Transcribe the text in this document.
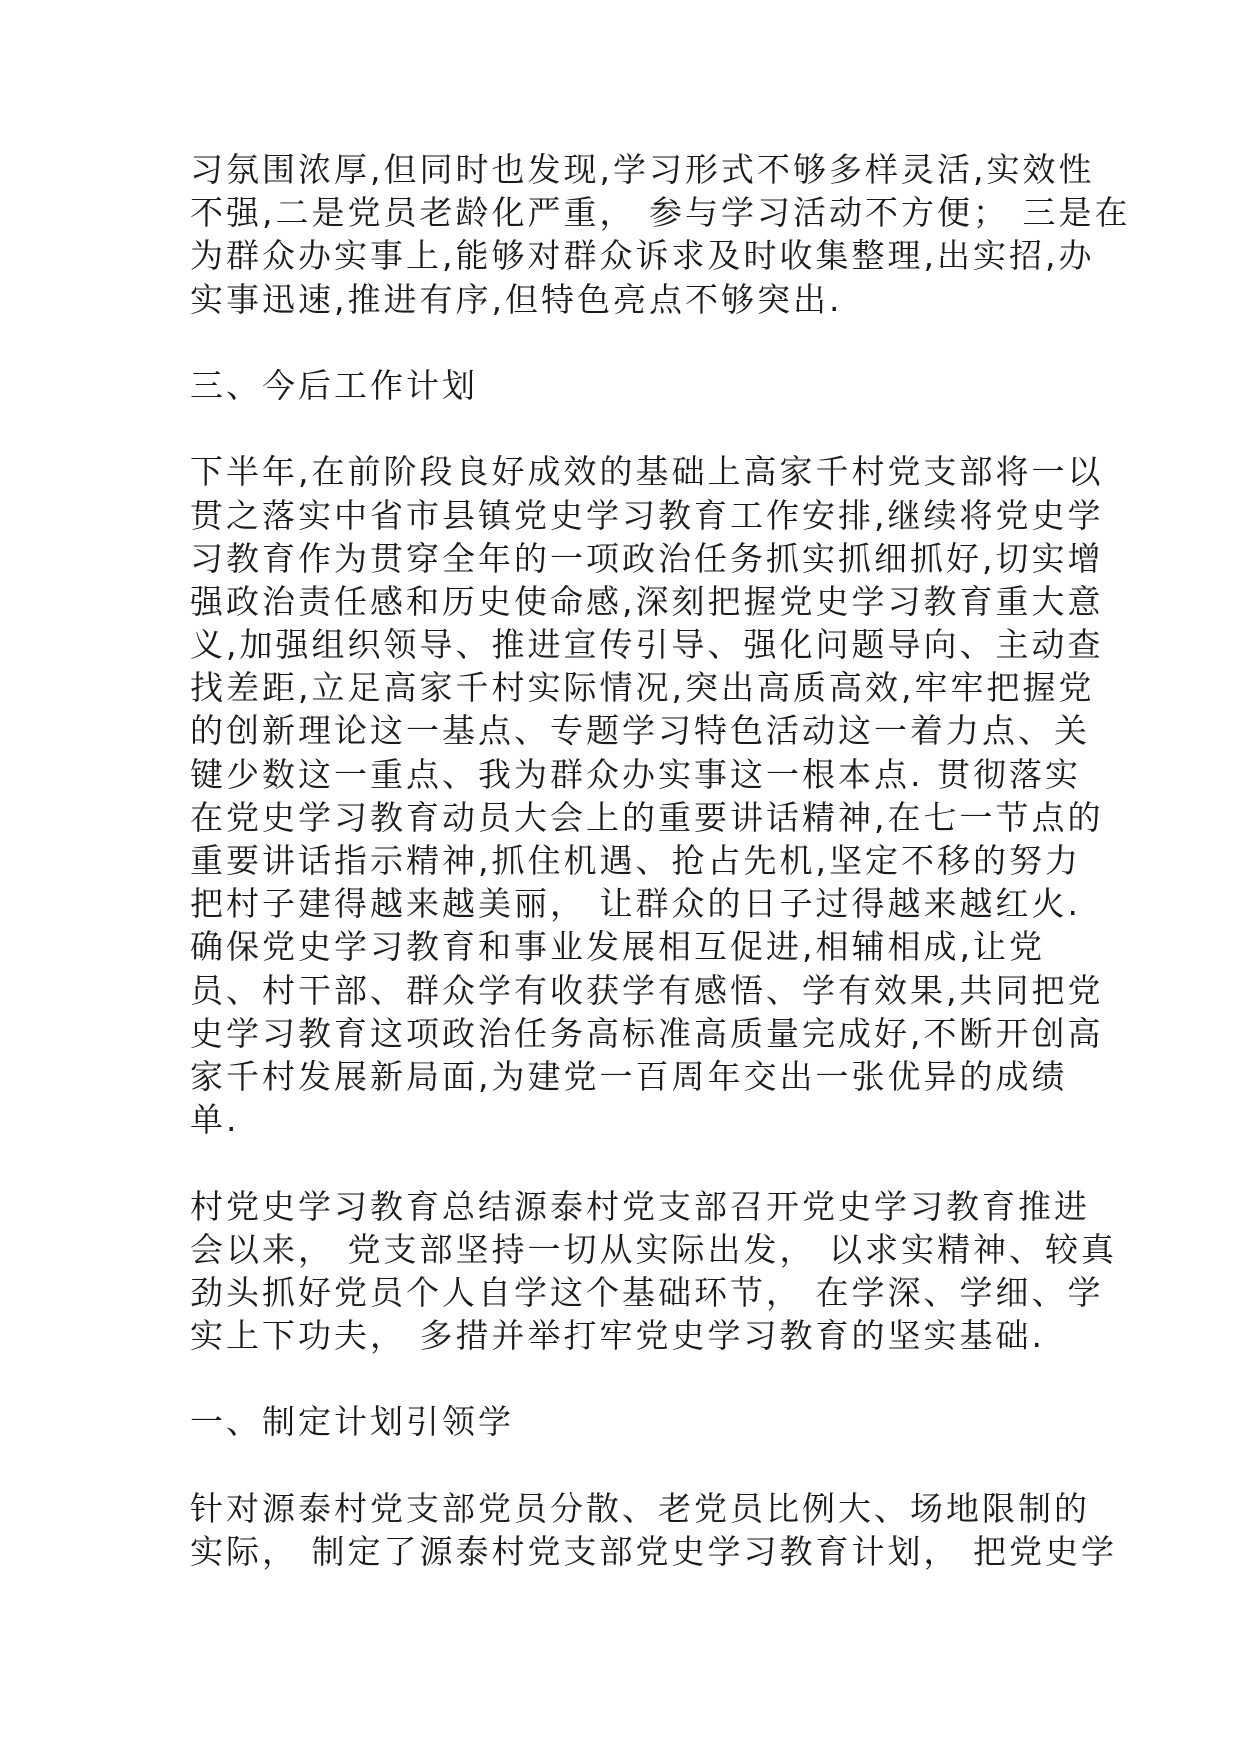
习氛围浓厚,但同时也发现,学习形式不够多样灵活,实效性
不强,二是党员老龄化严重， 参与学习活动不方便； 三是在
为群众办实事上,能够对群众诉求及时收集整理,出实招,办
实事迅速,推进有序,但特色亮点不够突出.
三、今后工作计划
下半年,在前阶段良好成效的基础上高家千村党支部将一以
贯之落实中省市县镇党史学习教育工作安排,继续将党史学
习教育作为贯穿全年的一项政治任务抓实抓细抓好,切实增
强政治责任感和历史使命感,深刻把握党史学习教育重大意
义,加强组织领导、推进宣传引导、强化问题导向、主动查
找差距,立足高家千村实际情况,突出高质高效,牢牢把握党
的创新理论这一基点、专题学习特色活动这一着力点、关
键少数这一重点、我为群众办实事这一根本点. 贯彻落实
在党史学习教育动员大会上的重要讲话精神,在七一节点的
重要讲话指示精神,抓住机遇、抢占先机,坚定不移的努力
把村子建得越来越美丽， 让群众的日子过得越来越红火.
确保党史学习教育和事业发展相互促进,相辅相成,让党
员、村干部、群众学有收获学有感悟、学有效果,共同把党
史学习教育这项政治任务高标准高质量完成好,不断开创高
家千村发展新局面,为建党一百周年交出一张优异的成绩
单.
村党史学习教育总结源泰村党支部召开党史学习教育推进
会以来， 党支部坚持一切从实际出发， 以求实精神、较真
劲头抓好党员个人自学这个基础环节， 在学深、学细、学
实上下功夫， 多措并举打牢党史学习教育的坚实基础.
一、制定计划引领学
针对源泰村党支部党员分散、老党员比例大、场地限制的
实际， 制定了源泰村党支部党史学习教育计划， 把党史学
